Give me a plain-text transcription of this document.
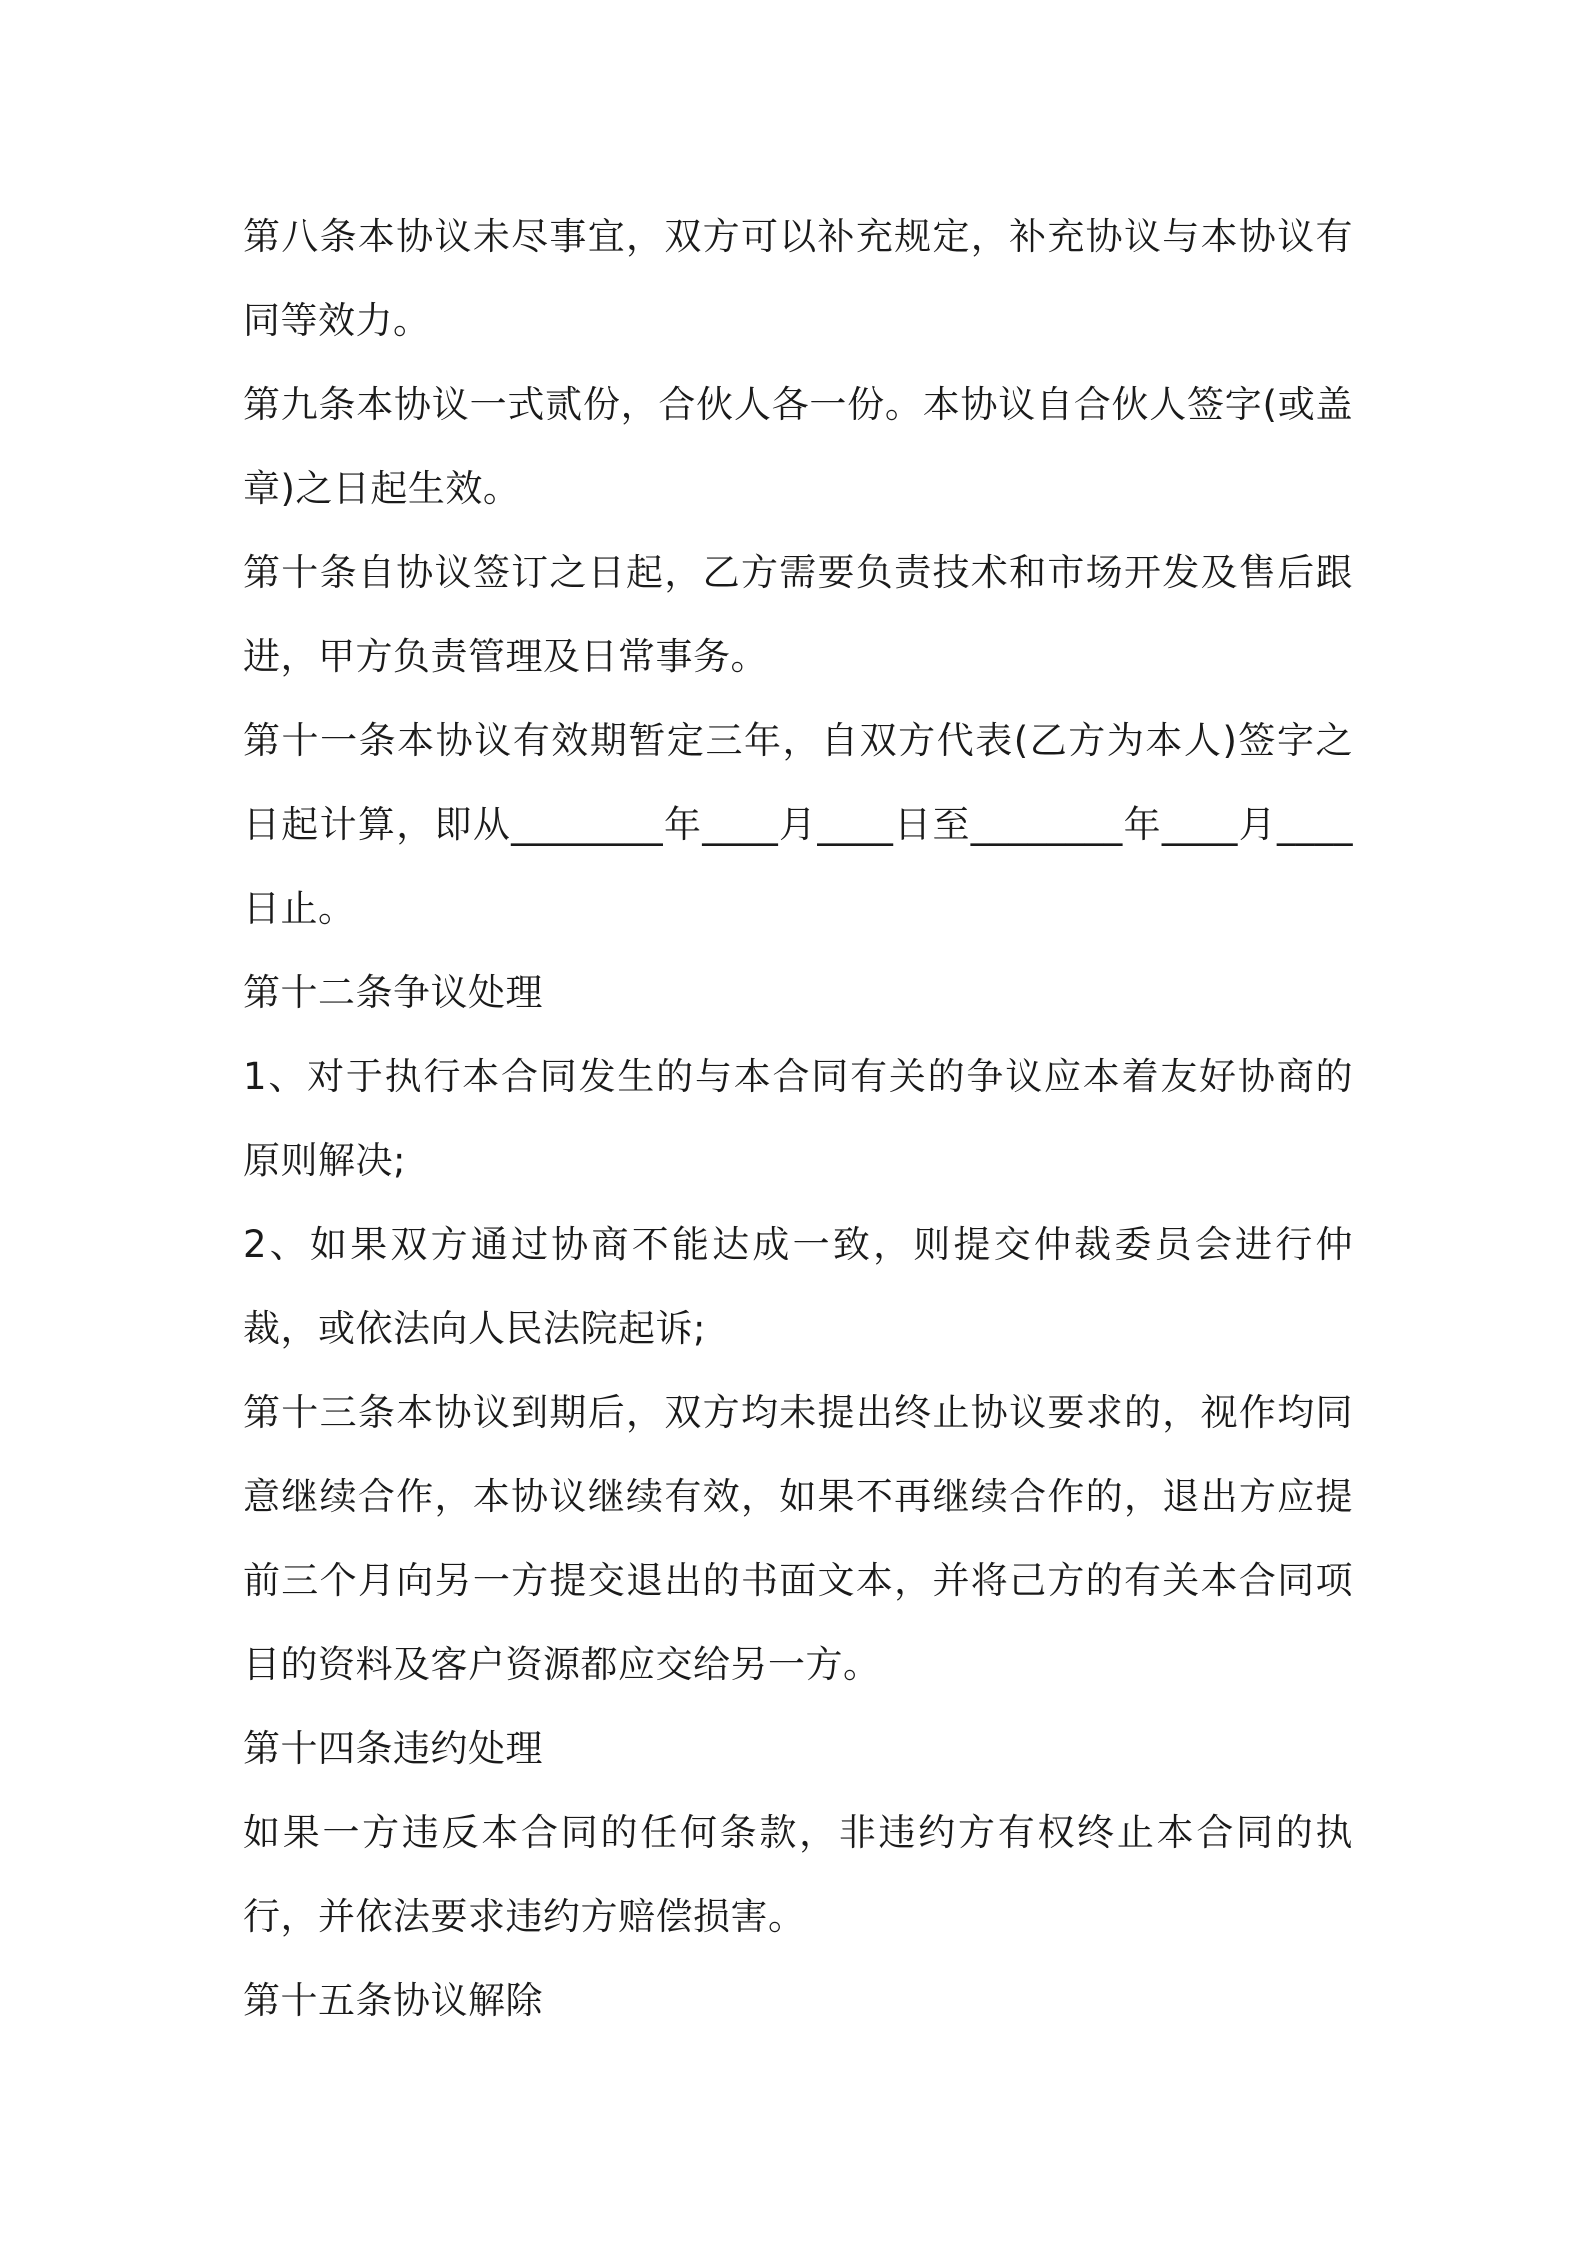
第八条本协议未尽事宜，双方可以补充规定，补充协议与本协议有同等效力。

第九条本协议一式贰份，合伙人各一份。本协议自合伙人签字(或盖章)之日起生效。

第十条自协议签订之日起，乙方需要负责技术和市场开发及售后跟进，甲方负责管理及日常事务。

第十一条本协议有效期暂定三年，自双方代表(乙方为本人)签字之日起计算，即从________年____月____日至________年____月____日止。

第十二条争议处理

1、对于执行本合同发生的与本合同有关的争议应本着友好协商的原则解决;

2、如果双方通过协商不能达成一致，则提交仲裁委员会进行仲裁，或依法向人民法院起诉;

第十三条本协议到期后，双方均未提出终止协议要求的，视作均同意继续合作，本协议继续有效，如果不再继续合作的，退出方应提前三个月向另一方提交退出的书面文本，并将己方的有关本合同项目的资料及客户资源都应交给另一方。

第十四条违约处理

如果一方违反本合同的任何条款，非违约方有权终止本合同的执行，并依法要求违约方赔偿损害。

第十五条协议解除
